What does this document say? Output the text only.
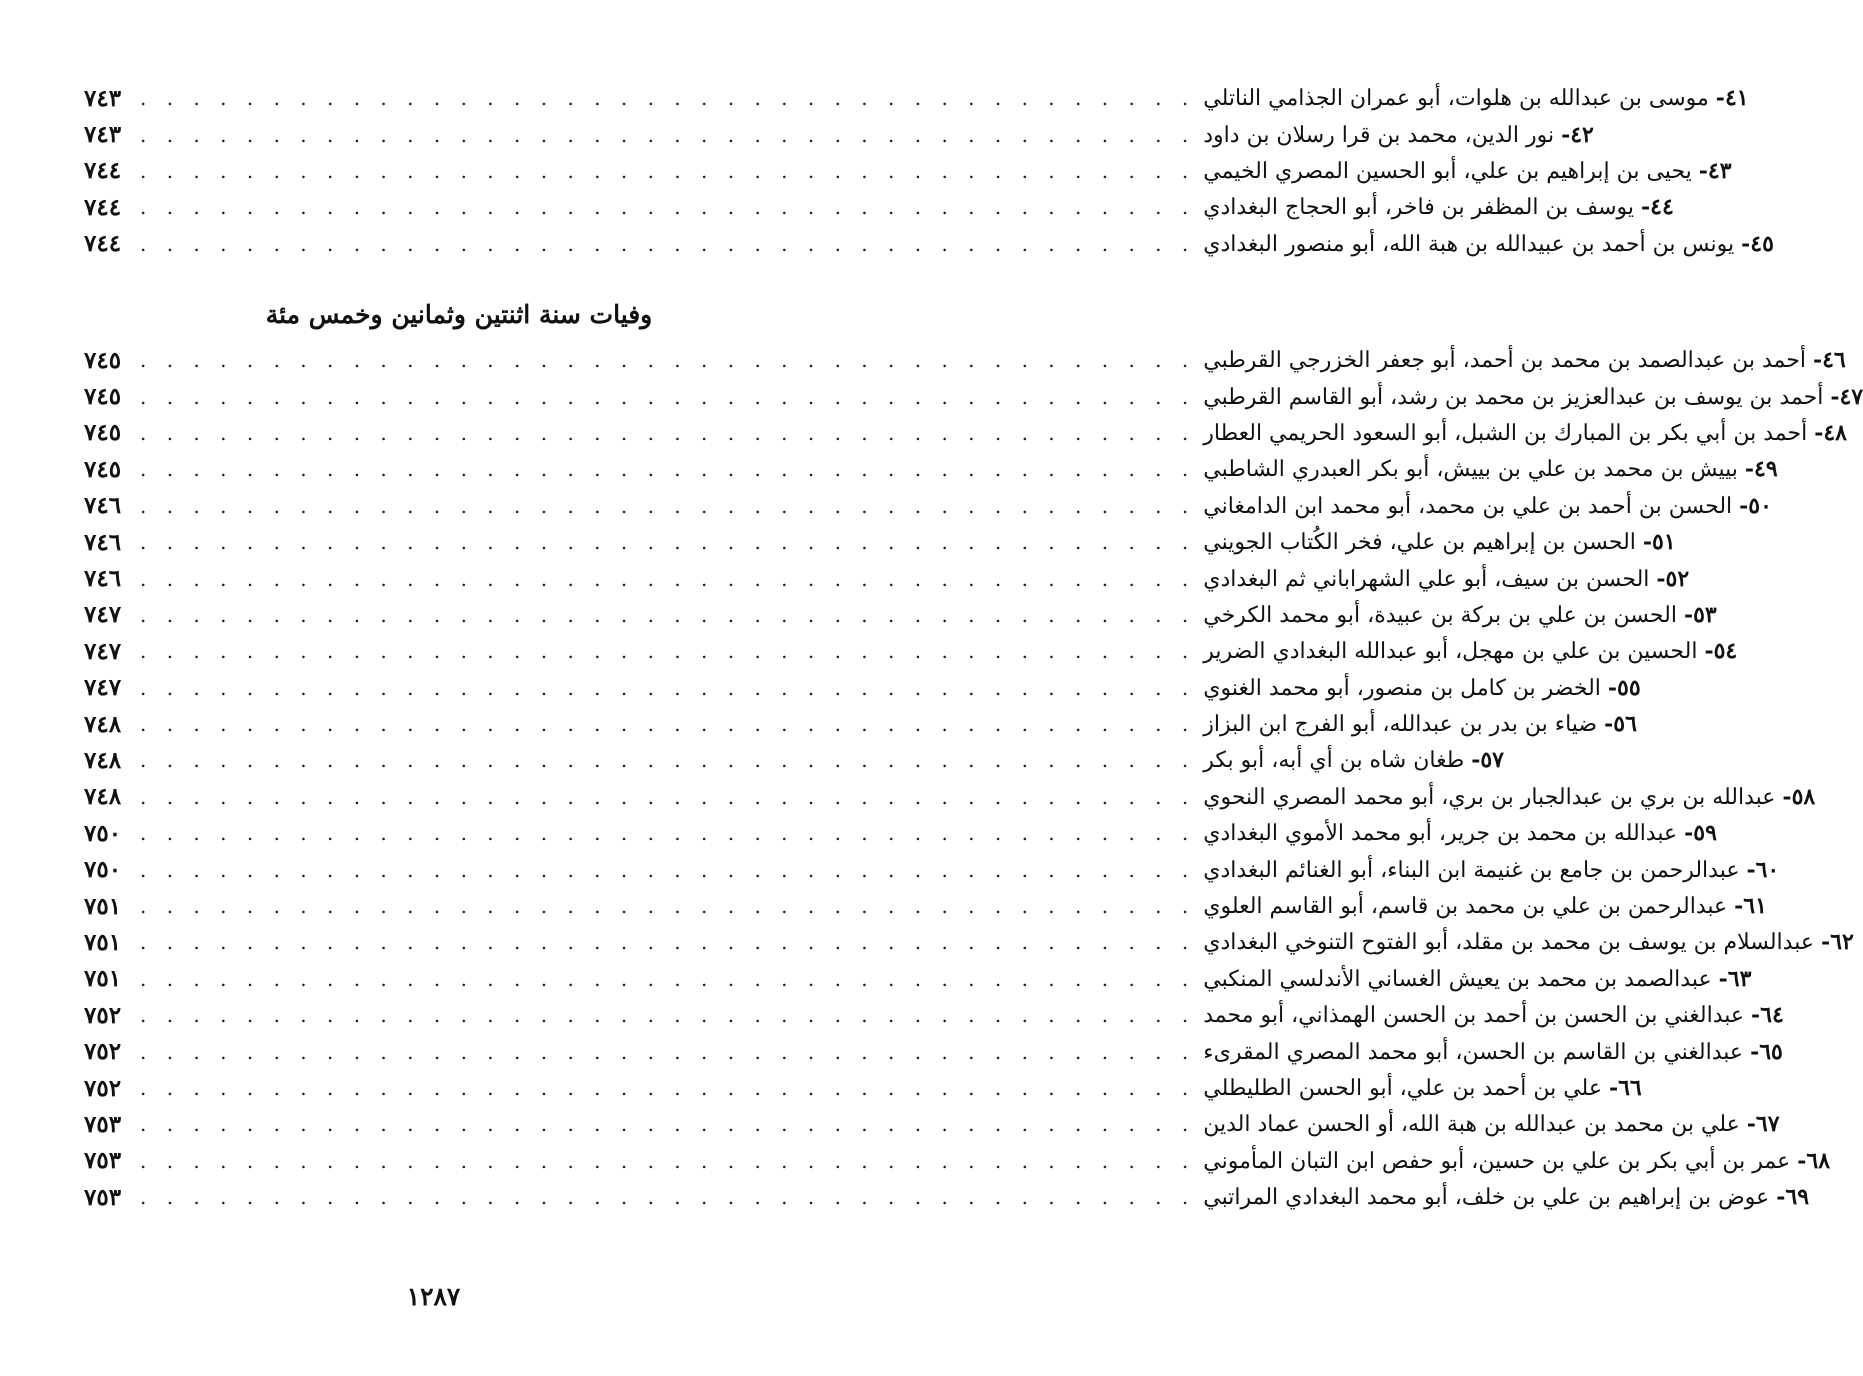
٧٤٣ . . . . . . . . . . . . . . . . . . . . . . . . . . . . . . . . . . . . . . . .	٤١- موسى بن عبدالله بن هلوات، أبو عمران الجذامي الناتلي
٧٤٣ . . . . . . . . . . . . . . . . . . . . . . . . . . . . . . . . . . . . . . . .	٤٢- نور الدين، محمد بن قرا رسلان بن داود
٧٤٤ . . . . . . . . . . . . . . . . . . . . . . . . . . . . . . . . . . . . . . . .	٤٣- يحيى بن إبراهيم بن علي، أبو الحسين المصري الخيمي
٧٤٤ . . . . . . . . . . . . . . . . . . . . . . . . . . . . . . . . . . . . . . . .	٤٤- يوسف بن المظفر بن فاخر، أبو الحجاج البغدادي
٧٤٤ . . . . . . . . . . . . . . . . . . . . . . . . . . . . . . . . . . . . . . . .	٤٥- يونس بن أحمد بن عبيدالله بن هبة الله، أبو منصور البغدادي
وفيات سنة اثنتين وثمانين وخمس مئة
٧٤٥ . . . . . . . . . . . . . . . . . . . . . . . . . . . . . . . . . . . . . . . .	٤٦- أحمد بن عبدالصمد بن محمد بن أحمد، أبو جعفر الخزرجي القرطبي
٧٤٥ . . . . . . . . . . . . . . . . . . . . . . . . . . . . . . . . . . . . . . . .	٤٧- أحمد بن يوسف بن عبدالعزيز بن محمد بن رشد، أبو القاسم القرطبي
٧٤٥ . . . . . . . . . . . . . . . . . . . . . . . . . . . . . . . . . . . . . . . .	٤٨- أحمد بن أبي بكر بن المبارك بن الشبل، أبو السعود الحريمي العطار
٧٤٥ . . . . . . . . . . . . . . . . . . . . . . . . . . . . . . . . . . . . . . . .	٤٩- بييش بن محمد بن علي بن بييش، أبو بكر العبدري الشاطبي
٧٤٦ . . . . . . . . . . . . . . . . . . . . . . . . . . . . . . . . . . . . . . . .	٥٠- الحسن بن أحمد بن علي بن محمد، أبو محمد ابن الدامغاني
٧٤٦ . . . . . . . . . . . . . . . . . . . . . . . . . . . . . . . . . . . . . . . .	٥١- الحسن بن إبراهيم بن علي، فخر الكُتاب الجويني
٧٤٦ . . . . . . . . . . . . . . . . . . . . . . . . . . . . . . . . . . . . . . . .	٥٢- الحسن بن سيف، أبو علي الشهراباني ثم البغدادي
٧٤٧ . . . . . . . . . . . . . . . . . . . . . . . . . . . . . . . . . . . . . . . .	٥٣- الحسن بن علي بن بركة بن عبيدة، أبو محمد الكرخي
٧٤٧ . . . . . . . . . . . . . . . . . . . . . . . . . . . . . . . . . . . . . . . .	٥٤- الحسين بن علي بن مهجل، أبو عبدالله البغدادي الضرير
٧٤٧ . . . . . . . . . . . . . . . . . . . . . . . . . . . . . . . . . . . . . . . .	٥٥- الخضر بن كامل بن منصور، أبو محمد الغنوي
٧٤٨ . . . . . . . . . . . . . . . . . . . . . . . . . . . . . . . . . . . . . . . .	٥٦- ضياء بن بدر بن عبدالله، أبو الفرج ابن البزاز
٧٤٨ . . . . . . . . . . . . . . . . . . . . . . . . . . . . . . . . . . . . . . . .	٥٧- طغان شاه بن أي أبه، أبو بكر
٧٤٨ . . . . . . . . . . . . . . . . . . . . . . . . . . . . . . . . . . . . . . . .	٥٨- عبدالله بن بري بن عبدالجبار بن بري، أبو محمد المصري النحوي
٧٥٠ . . . . . . . . . . . . . . . . . . . . . . . . . . . . . . . . . . . . . . . .	٥٩- عبدالله بن محمد بن جرير، أبو محمد الأموي البغدادي
٧٥٠ . . . . . . . . . . . . . . . . . . . . . . . . . . . . . . . . . . . . . . . .	٦٠- عبدالرحمن بن جامع بن غنيمة ابن البناء، أبو الغنائم البغدادي
٧٥١ . . . . . . . . . . . . . . . . . . . . . . . . . . . . . . . . . . . . . . . .	٦١- عبدالرحمن بن علي بن محمد بن قاسم، أبو القاسم العلوي
٧٥١ . . . . . . . . . . . . . . . . . . . . . . . . . . . . . . . . . . . . . . . .	٦٢- عبدالسلام بن يوسف بن محمد بن مقلد، أبو الفتوح التنوخي البغدادي
٧٥١ . . . . . . . . . . . . . . . . . . . . . . . . . . . . . . . . . . . . . . . .	٦٣- عبدالصمد بن محمد بن يعيش الغساني الأندلسي المنكبي
٧٥٢ . . . . . . . . . . . . . . . . . . . . . . . . . . . . . . . . . . . . . . . .	٦٤- عبدالغني بن الحسن بن أحمد بن الحسن الهمذاني، أبو محمد
٧٥٢ . . . . . . . . . . . . . . . . . . . . . . . . . . . . . . . . . . . . . . . .	٦٥- عبدالغني بن القاسم بن الحسن، أبو محمد المصري المقرىء
٧٥٢ . . . . . . . . . . . . . . . . . . . . . . . . . . . . . . . . . . . . . . . .	٦٦- علي بن أحمد بن علي، أبو الحسن الطليطلي
٧٥٣ . . . . . . . . . . . . . . . . . . . . . . . . . . . . . . . . . . . . . . . .	٦٧- علي بن محمد بن عبدالله بن هبة الله، أو الحسن عماد الدين
٧٥٣ . . . . . . . . . . . . . . . . . . . . . . . . . . . . . . . . . . . . . . . .	٦٨- عمر بن أبي بكر بن علي بن حسين، أبو حفص ابن التبان المأموني
٧٥٣ . . . . . . . . . . . . . . . . . . . . . . . . . . . . . . . . . . . . . . . .	٦٩- عوض بن إبراهيم بن علي بن خلف، أبو محمد البغدادي المراتبي
١٢٨٧
